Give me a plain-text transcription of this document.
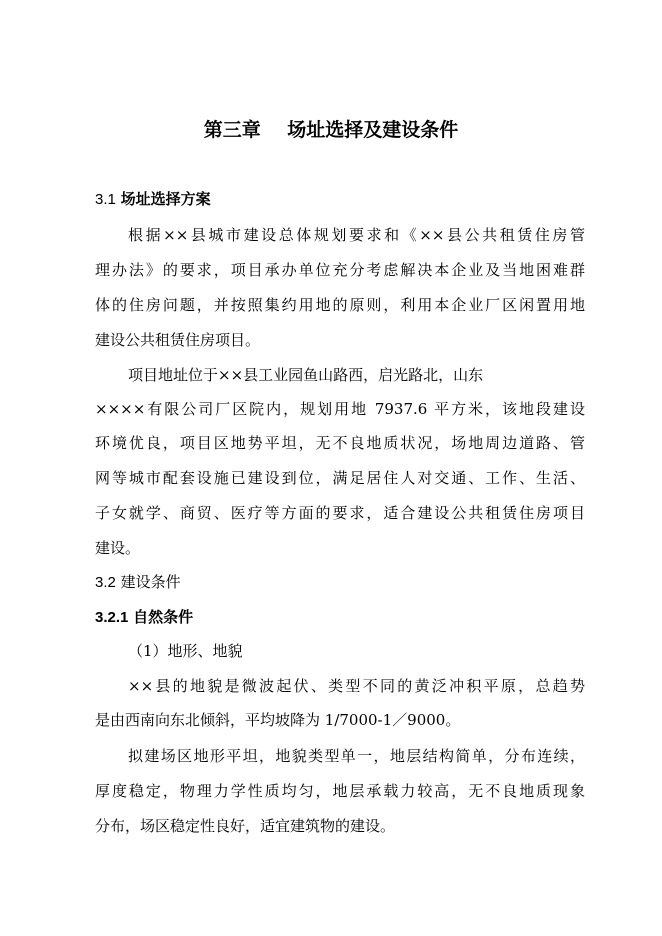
第三章    场址选择及建设条件
3.1 场址选择方案
根据××县城市建设总体规划要求和《××县公共租赁住房管
理办法》的要求，项目承办单位充分考虑解决本企业及当地困难群
体的住房问题，并按照集约用地的原则，利用本企业厂区闲置用地
建设公共租赁住房项目。
项目地址位于××县工业园鱼山路西，启光路北，山东
××××有限公司厂区院内，规划用地 7937.6 平方米，该地段建设
环境优良，项目区地势平坦，无不良地质状况，场地周边道路、管
网等城市配套设施已建设到位，满足居住人对交通、工作、生活、
子女就学、商贸、医疗等方面的要求，适合建设公共租赁住房项目
建设。
3.2 建设条件
3.2.1 自然条件
（1）地形、地貌
××县的地貌是微波起伏、类型不同的黄泛冲积平原，总趋势
是由西南向东北倾斜，平均坡降为 1/7000-1／9000。
拟建场区地形平坦，地貌类型单一，地层结构简单，分布连续，
厚度稳定，物理力学性质均匀，地层承载力较高，无不良地质现象
分布，场区稳定性良好，适宜建筑物的建设。
